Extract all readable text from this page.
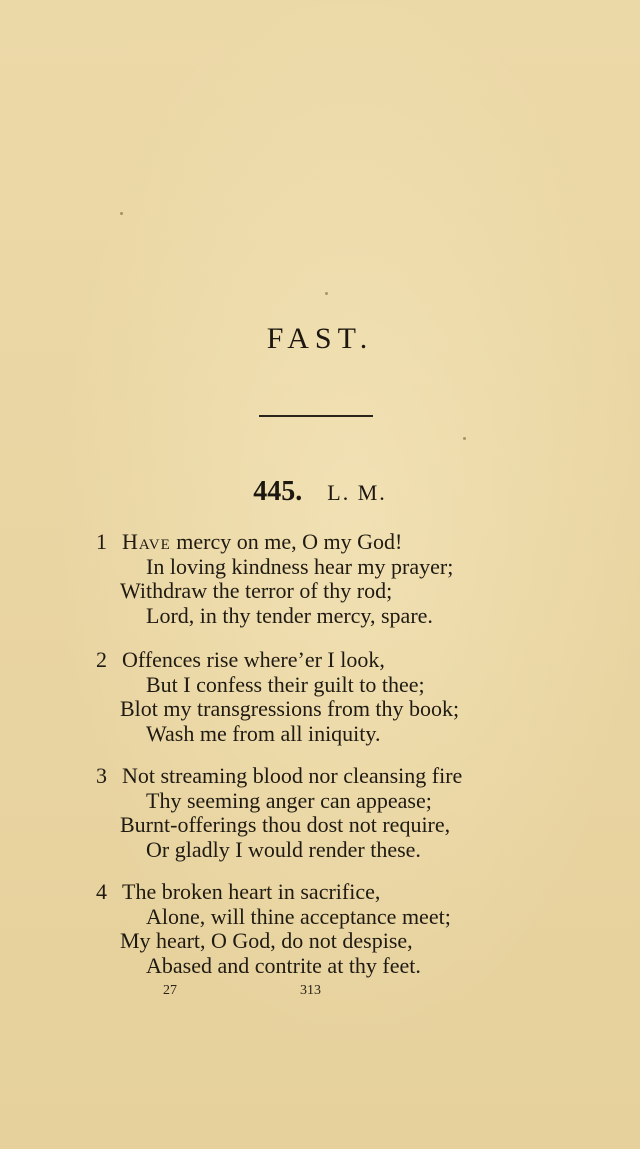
FAST.
445. L. M.
1 Have mercy on me, O my God!
In loving kindness hear my prayer;
Withdraw the terror of thy rod;
Lord, in thy tender mercy, spare.
2 Offences rise where’er I look,
But I confess their guilt to thee;
Blot my transgressions from thy book;
Wash me from all iniquity.
3 Not streaming blood nor cleansing fire
Thy seeming anger can appease;
Burnt-offerings thou dost not require,
Or gladly I would render these.
4 The broken heart in sacrifice,
Alone, will thine acceptance meet;
My heart, O God, do not despise,
Abased and contrite at thy feet.
27	313
